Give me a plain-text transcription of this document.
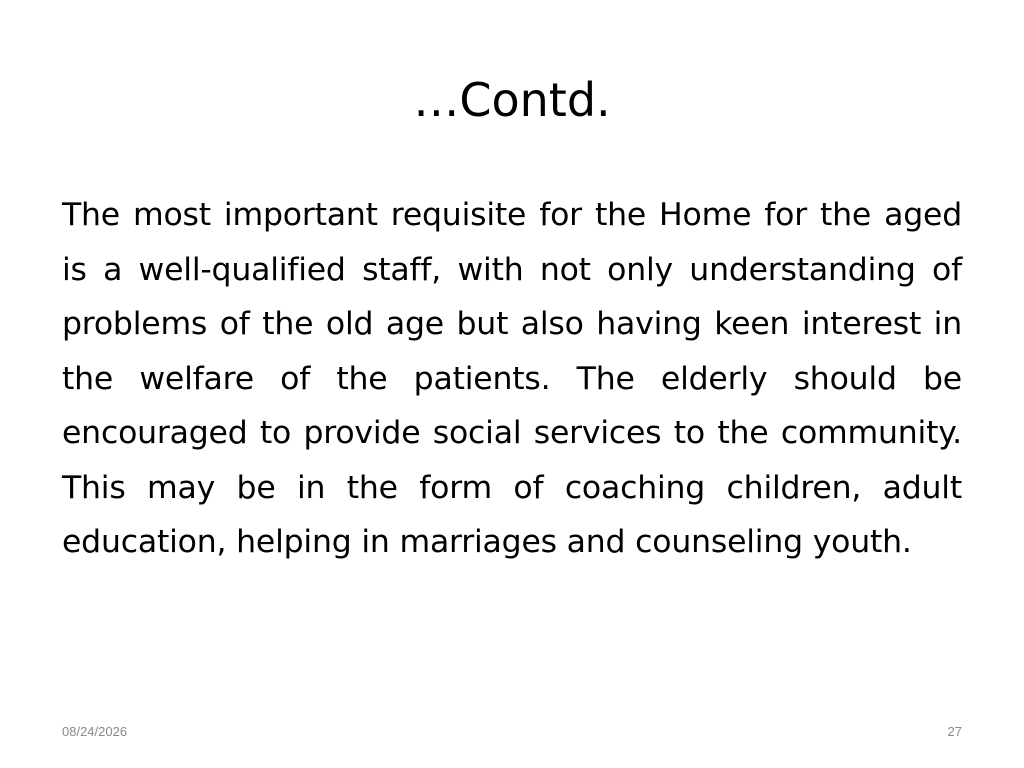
…Contd.

The most important requisite for the Home for the aged is a well-qualified staff, with not only understanding of problems of the old age but also having keen interest in the welfare of the patients. The elderly should be encouraged to provide social services to the community. This may be in the form of coaching children, adult education, helping in marriages and counseling youth.

08/24/2026	27
